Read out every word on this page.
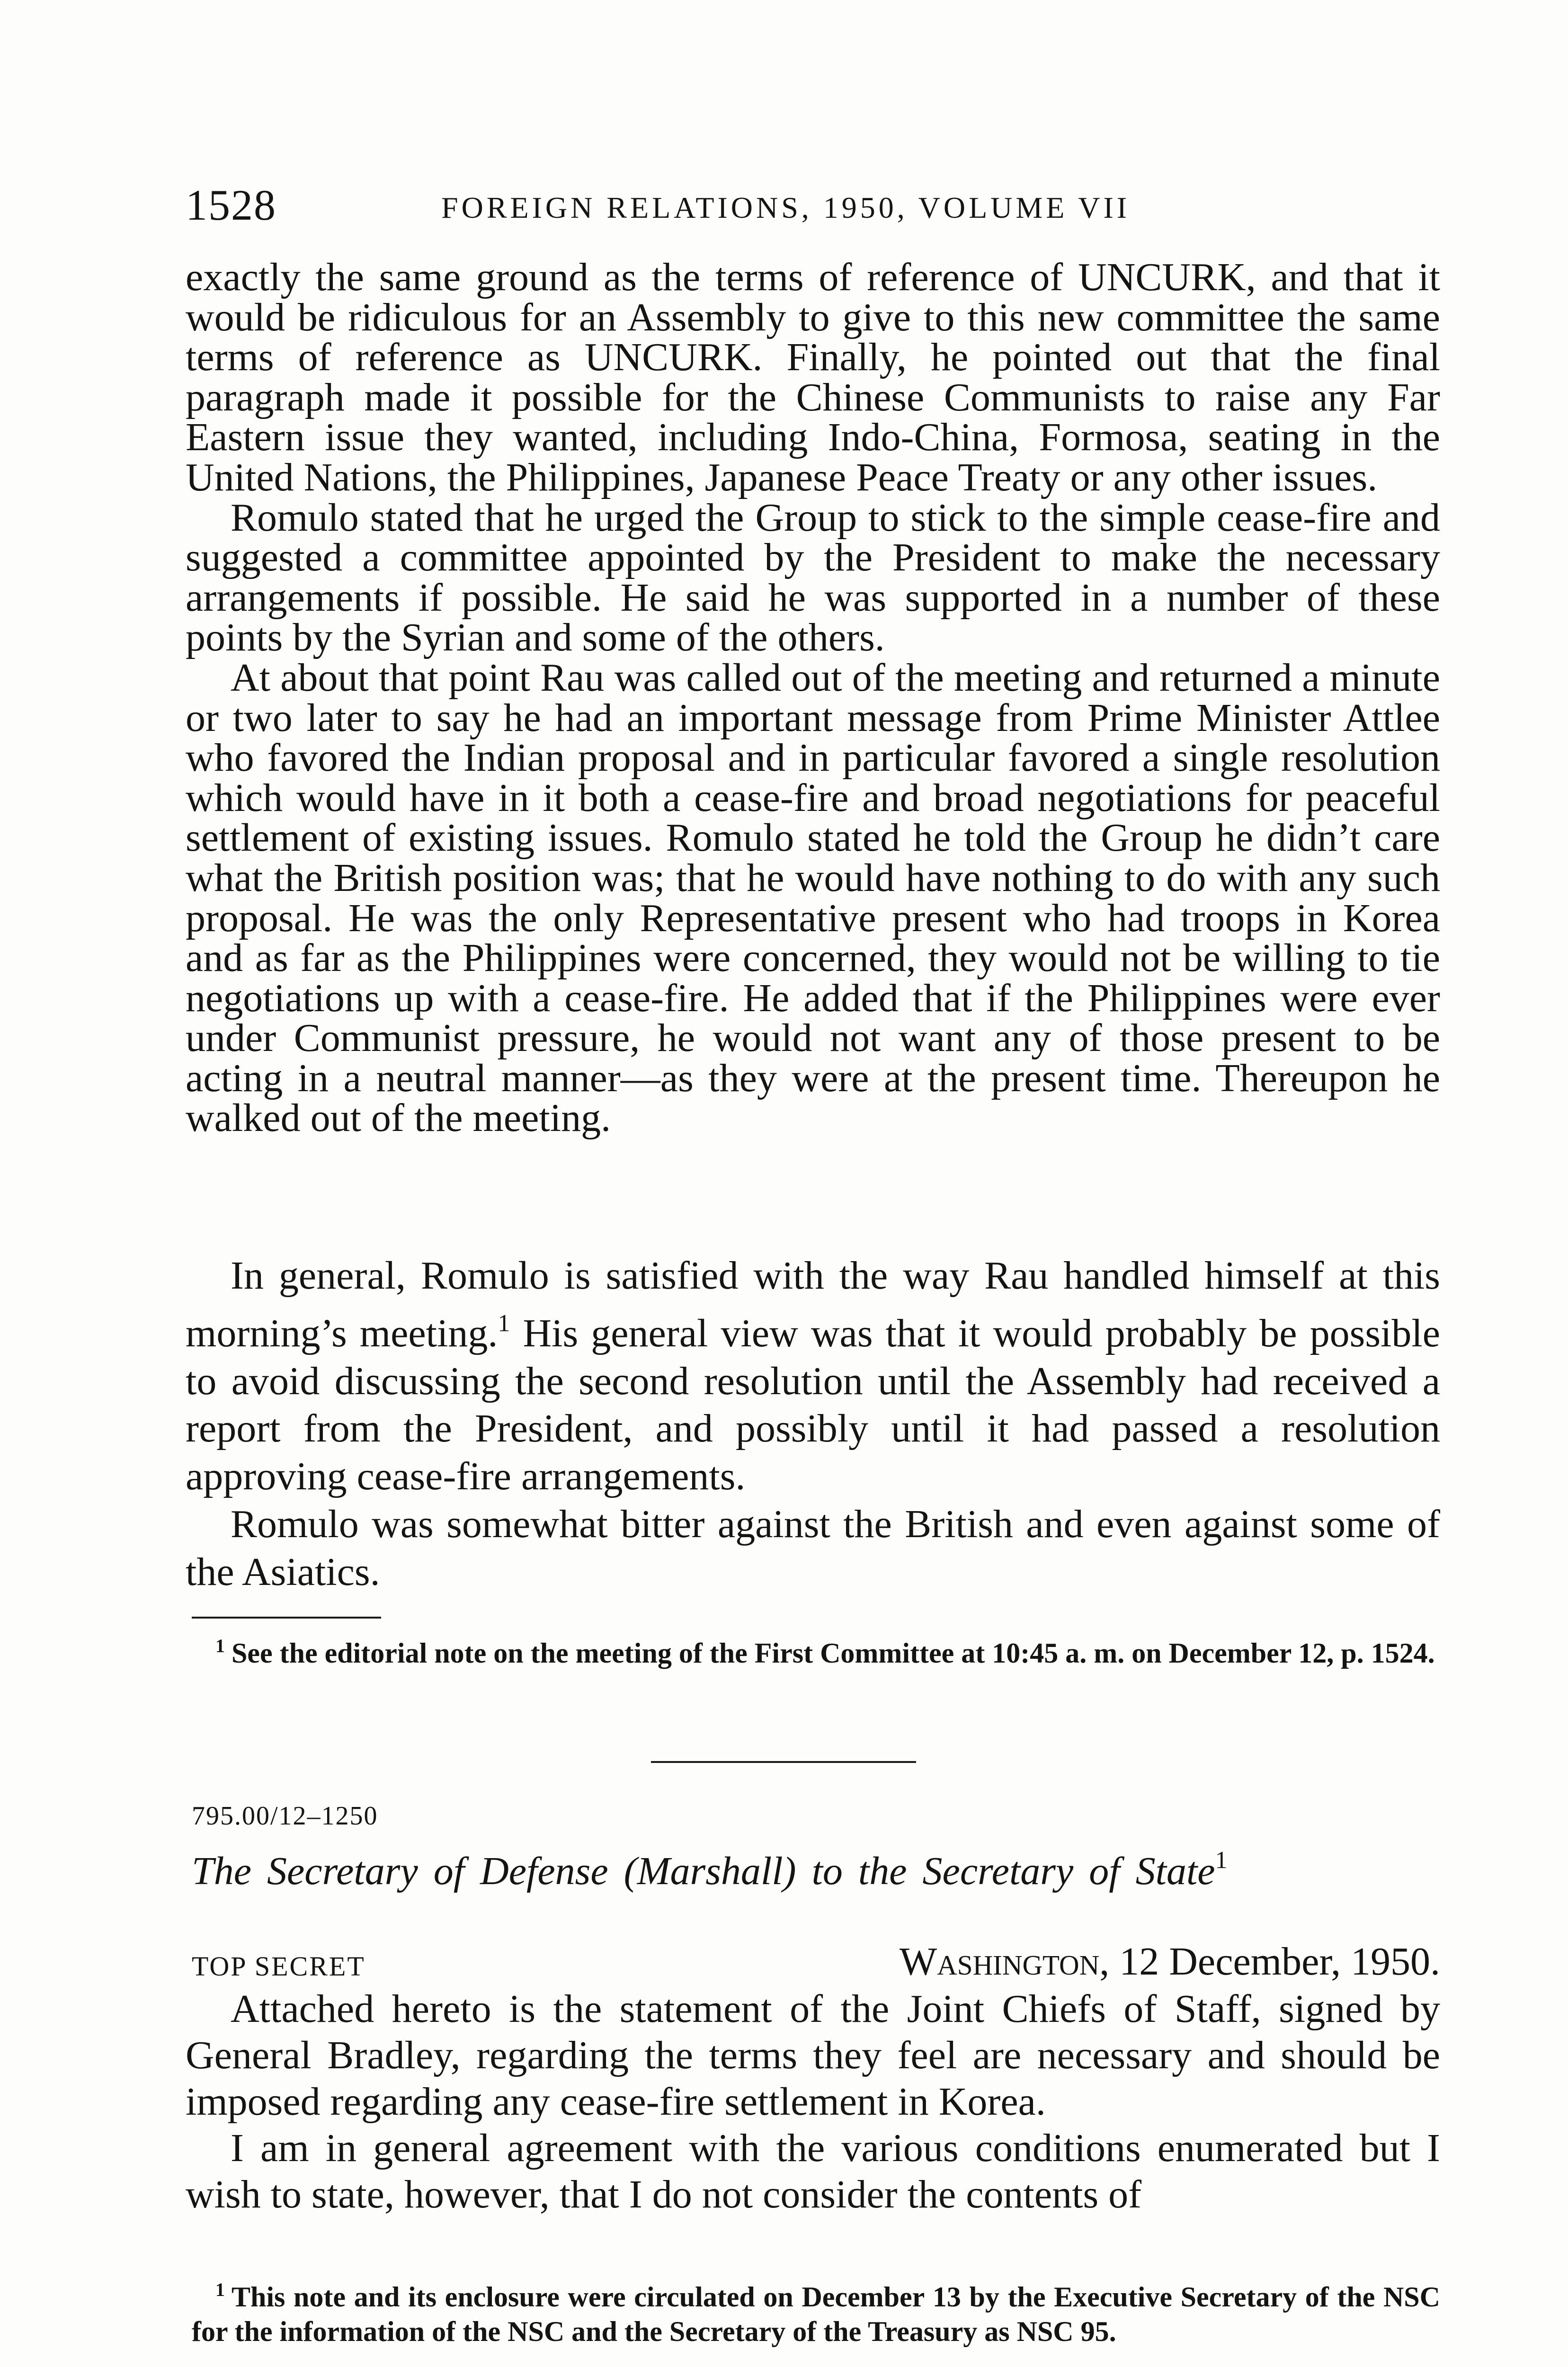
1528	FOREIGN RELATIONS, 1950, VOLUME VII

exactly the same ground as the terms of reference of UNCURK, and that it would be ridiculous for an Assembly to give to this new committee the same terms of reference as UNCURK. Finally, he pointed out that the final paragraph made it possible for the Chinese Communists to raise any Far Eastern issue they wanted, including Indo-China, Formosa, seating in the United Nations, the Philippines, Japanese Peace Treaty or any other issues.

Romulo stated that he urged the Group to stick to the simple cease-fire and suggested a committee appointed by the President to make the necessary arrangements if possible. He said he was supported in a number of these points by the Syrian and some of the others.

At about that point Rau was called out of the meeting and returned a minute or two later to say he had an important message from Prime Minister Attlee who favored the Indian proposal and in particular favored a single resolution which would have in it both a cease-fire and broad negotiations for peaceful settlement of existing issues. Romulo stated he told the Group he didn’t care what the British position was; that he would have nothing to do with any such proposal. He was the only Representative present who had troops in Korea and as far as the Philippines were concerned, they would not be willing to tie negotiations up with a cease-fire. He added that if the Philippines were ever under Communist pressure, he would not want any of those present to be acting in a neutral manner—as they were at the present time. Thereupon he walked out of the meeting.

In general, Romulo is satisfied with the way Rau handled himself at this morning’s meeting.$^1$ His general view was that it would probably be possible to avoid discussing the second resolution until the Assembly had received a report from the President, and possibly until it had passed a resolution approving cease-fire arrangements.

Romulo was somewhat bitter against the British and even against some of the Asiatics.

$^1$ See the editorial note on the meeting of the First Committee at 10:45 a. m. on December 12, p. 1524.
795.00/12–1250
The Secretary of Defense (Marshall) to the Secretary of State$^1$
TOP SECRET	Washington, 12 December, 1950.

Attached hereto is the statement of the Joint Chiefs of Staff, signed by General Bradley, regarding the terms they feel are necessary and should be imposed regarding any cease-fire settlement in Korea.

I am in general agreement with the various conditions enumerated but I wish to state, however, that I do not consider the contents of

$^1$ This note and its enclosure were circulated on December 13 by the Executive Secretary of the NSC for the information of the NSC and the Secretary of the Treasury as NSC 95.
